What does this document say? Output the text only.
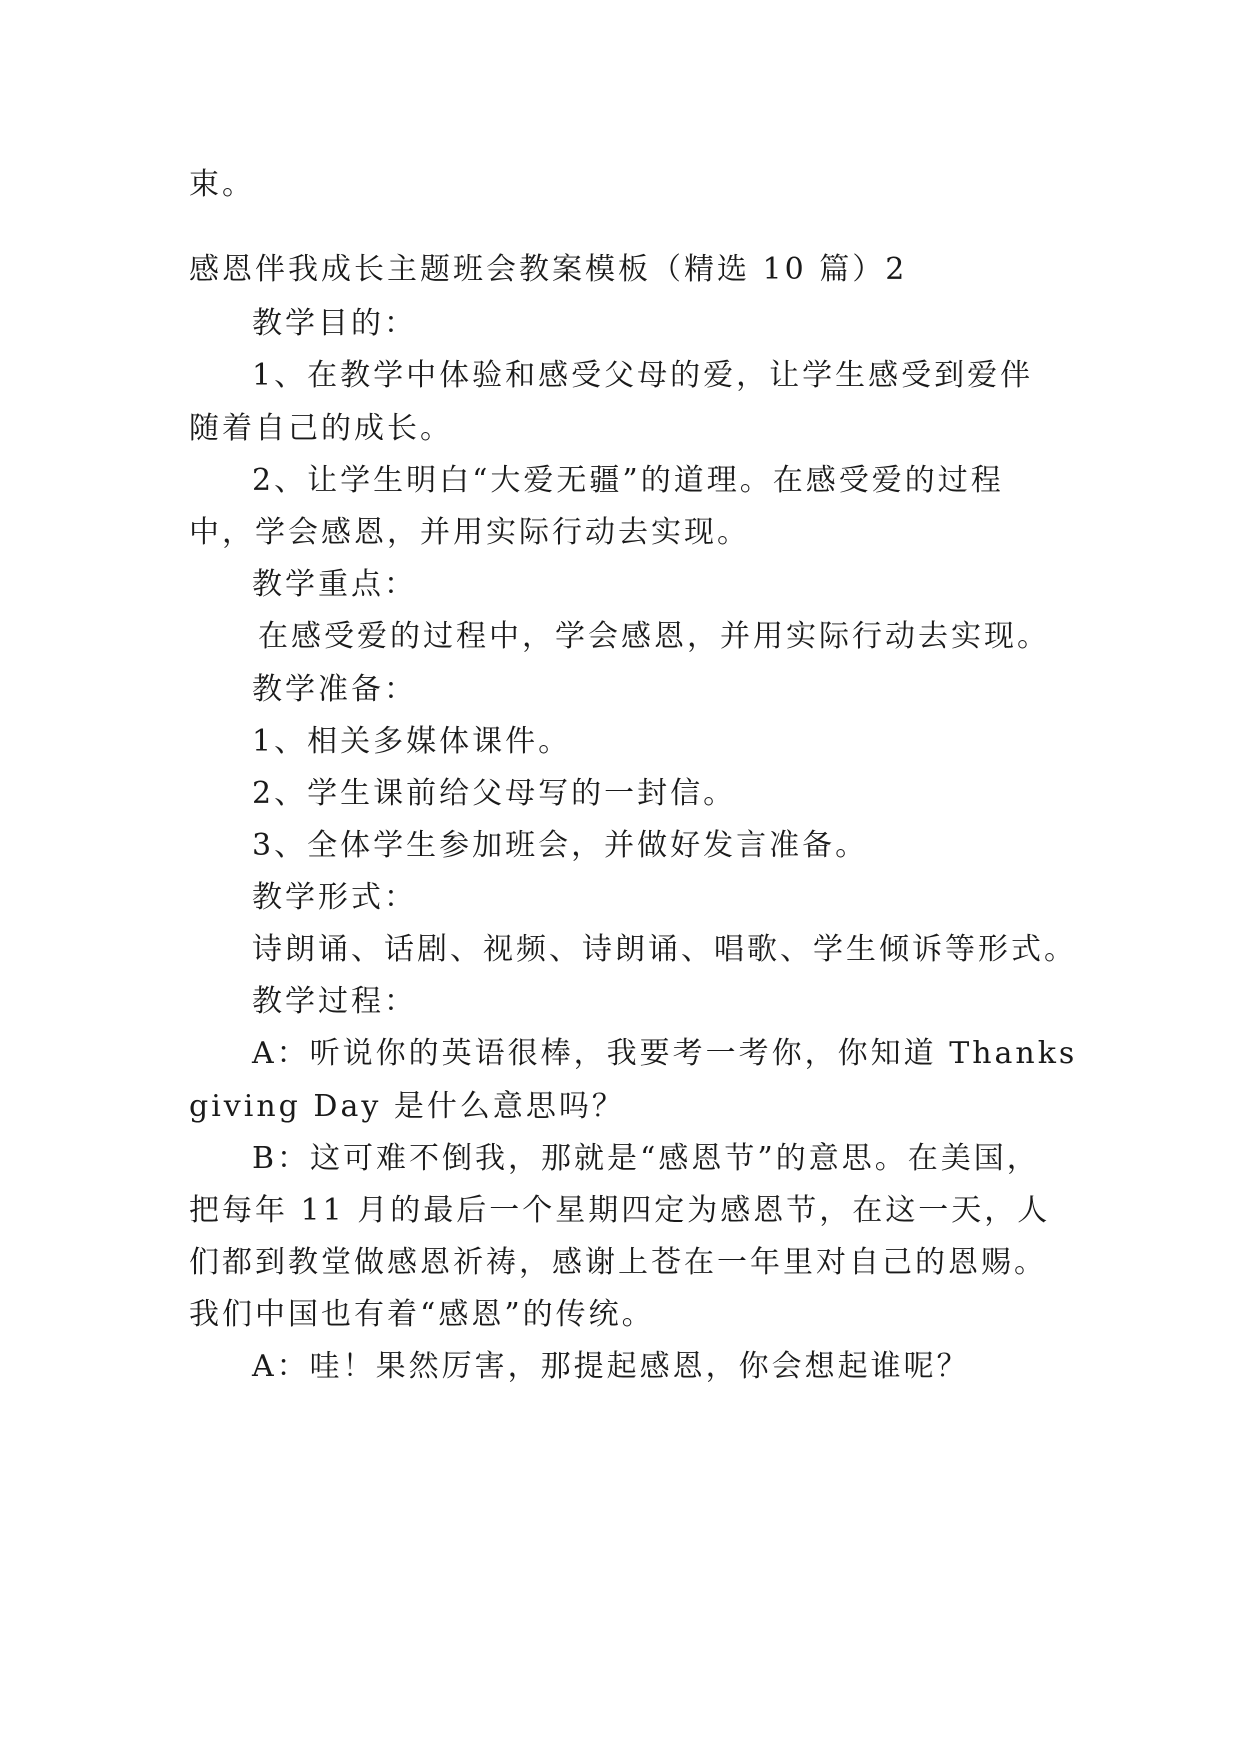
束。
感恩伴我成长主题班会教案模板（精选 10 篇）2
教学目的：
1、在教学中体验和感受父母的爱，让学生感受到爱伴
随着自己的成长。
2、让学生明白“大爱无疆”的道理。在感受爱的过程
中，学会感恩，并用实际行动去实现。
教学重点：
在感受爱的过程中，学会感恩，并用实际行动去实现。
教学准备：
1、相关多媒体课件。
2、学生课前给父母写的一封信。
3、全体学生参加班会，并做好发言准备。
教学形式：
诗朗诵、话剧、视频、诗朗诵、唱歌、学生倾诉等形式。
教学过程：
A：听说你的英语很棒，我要考一考你，你知道 Thanks
giving Day 是什么意思吗？
B：这可难不倒我，那就是“感恩节”的意思。在美国，
把每年 11 月的最后一个星期四定为感恩节，在这一天，人
们都到教堂做感恩祈祷，感谢上苍在一年里对自己的恩赐。
我们中国也有着“感恩”的传统。
A：哇！果然厉害，那提起感恩，你会想起谁呢？
